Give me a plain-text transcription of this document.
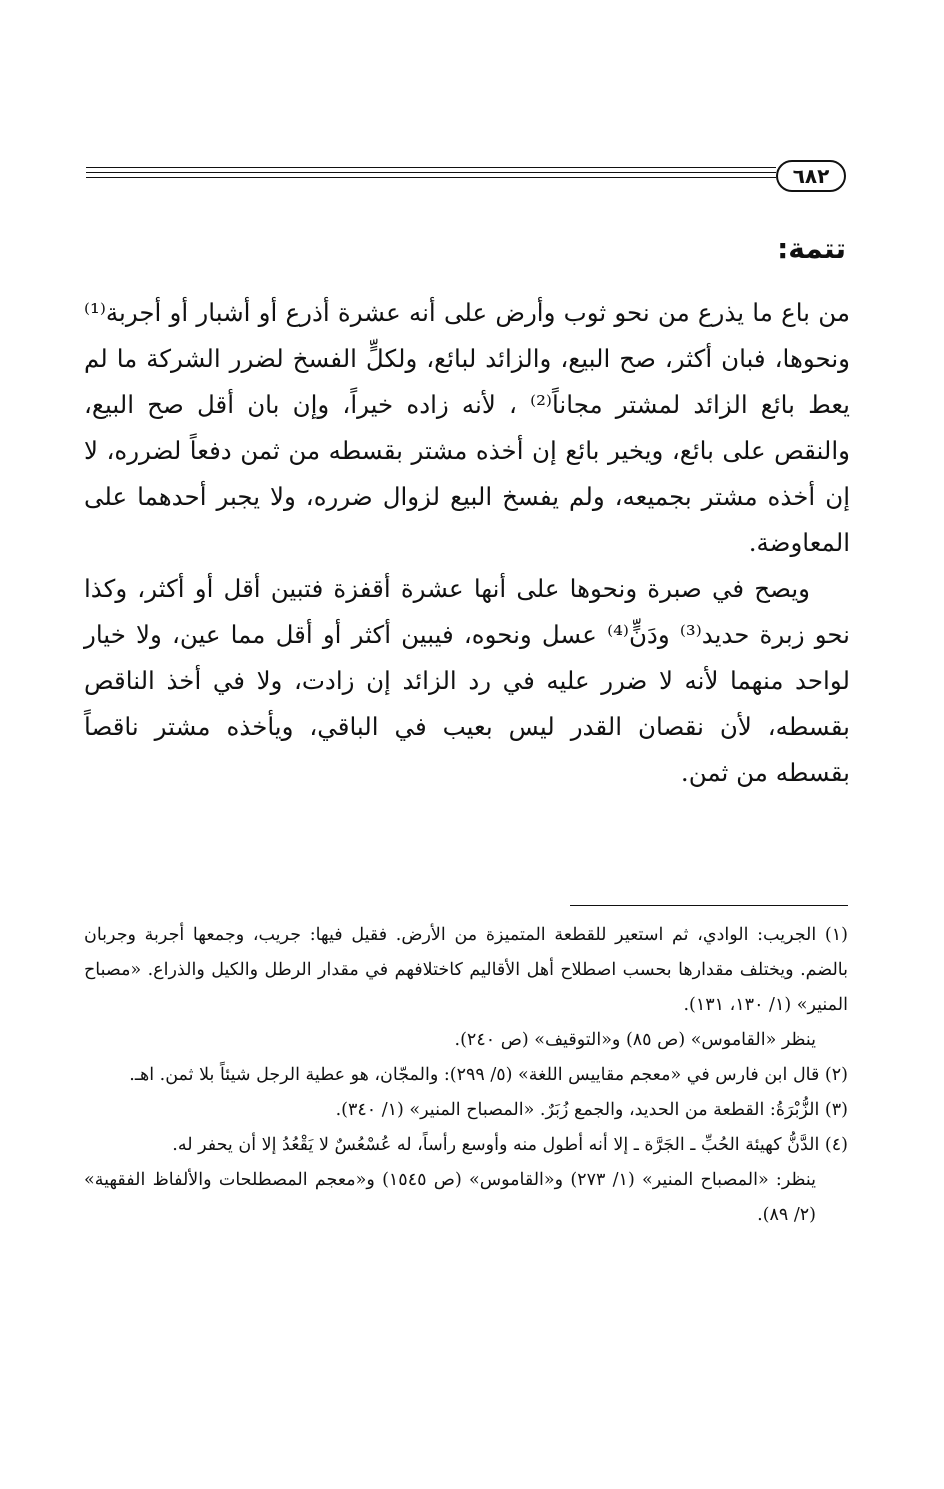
٦٨٢
تتمة:

من باع ما يذرع من نحو ثوب وأرض على أنه عشرة أذرع أو أشبار أو أجربة⁽¹⁾ ونحوها، فبان أكثر، صح البيع، والزائد لبائع، ولكلٍّ الفسخ لضرر الشركة ما لم يعط بائع الزائد لمشتر مجاناً⁽²⁾ ، لأنه زاده خيراً، وإن بان أقل صح البيع، والنقص على بائع، ويخير بائع إن أخذه مشتر بقسطه من ثمن دفعاً لضرره، لا إن أخذه مشتر بجميعه، ولم يفسخ البيع لزوال ضرره، ولا يجبر أحدهما على المعاوضة.

ويصح في صبرة ونحوها على أنها عشرة أقفزة فتبين أقل أو أكثر، وكذا نحو زبرة حديد⁽³⁾ ودَنٍّ⁽⁴⁾ عسل ونحوه، فيبين أكثر أو أقل مما عين، ولا خيار لواحد منهما لأنه لا ضرر عليه في رد الزائد إن زادت، ولا في أخذ الناقص بقسطه، لأن نقصان القدر ليس بعيب في الباقي، ويأخذه مشتر ناقصاً بقسطه من ثمن.

(١) الجريب: الوادي، ثم استعير للقطعة المتميزة من الأرض. فقيل فيها: جريب، وجمعها أجربة وجربان بالضم. ويختلف مقدارها بحسب اصطلاح أهل الأقاليم كاختلافهم في مقدار الرطل والكيل والذراع. «مصباح المنير» (١/ ١٣٠، ١٣١).

ينظر «القاموس» (ص ٨٥) و«التوقيف» (ص ٢٤٠).

(٢) قال ابن فارس في «معجم مقاييس اللغة» (٥/ ٢٩٩): والمجّان، هو عطية الرجل شيئاً بلا ثمن. اهـ.

(٣) الزُّبْرَةُ: القطعة من الحديد، والجمع زُبَرٌ. «المصباح المنير» (١/ ٣٤٠).

(٤) الدَّنُّ كهيئة الحُبِّ ـ الجَرَّة ـ إلا أنه أطول منه وأوسع رأساً، له عُسْعُسٌ لا يَقْعُدُ إلا أن يحفر له.

ينظر: «المصباح المنير» (١/ ٢٧٣) و«القاموس» (ص ١٥٤٥) و«معجم المصطلحات والألفاظ الفقهية» (٢/ ٨٩).
